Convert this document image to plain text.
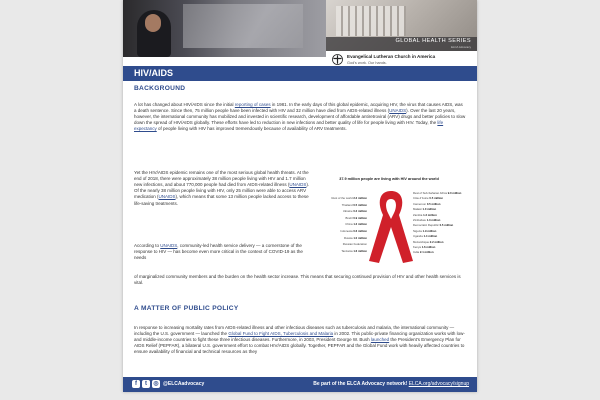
GLOBAL HEALTH SERIES
ELCA Advocacy
Evangelical Lutheran Church in America
God's work. Our hands.
HIV/AIDS
BACKGROUND

A lot has changed about HIV/AIDS since the initial reporting of cases in 1981. In the early days of this global epidemic, acquiring HIV, the virus that causes AIDS, was a death sentence. Since then, 75 million people have been infected with HIV and 32 million have died from AIDS-related illness (UNAIDS). Over the last 20 years, however, the international community has mobilized and invested in scientific research, development of affordable antiretroviral (ARV) drugs and better policies to slow down the spread of HIV/AIDS globally. These efforts have led to reduction in new infections and better quality of life for people living with HIV. Today, the life expectancy of people living with HIV has improved tremendously because of availability of ARV treatments.

Yet the HIV/AIDS epidemic remains one of the most serious global health threats. At the end of 2018, there were approximately 38 million people living with HIV and 1.7 million new infections, and about 770,000 people had died from AIDS-related illness (UNAIDS). Of the nearly 38 million people living with HIV, only 25 million were able to access ARV medication (UNAIDS), which means that some 13 million people lacked access to these life-saving treatments.

37.9 million people are living with HIV around the world
Rest of the world 2.2 million
Thailand 0.5 million
Ukraine 0.2 million
Brazil 0.9 million
China 1.2 million
Indonesia 0.6 million
Russia 1.0 million
Russian Federation
Tanzania 1.6 million
Rest of Sub-Saharan Africa 9.0 million
Côte d'Ivoire 0.5 million
Cameroon 0.5 million
Malawi 1.0 million
Zambia 1.2 million
Zimbabwe 1.3 million
Democratic Republic 0.5 million
Nigeria 1.9 million
Uganda 1.4 million
Mozambique 2.2 million
Kenya 1.6 million
India 2.1 million

According to UNAIDS, community-led health service delivery — a cornerstone of the response to HIV — has become even more critical in the context of COVID-19 as the needs

of marginalized community members and the burden on the health sector increase. This means that securing continued provision of HIV and other health services is vital.

A MATTER OF PUBLIC POLICY

In response to increasing mortality rates from AIDS-related illness and other infectious diseases such as tuberculosis and malaria, the international community — including the U.S. government — launched the Global Fund to Fight AIDS, Tuberculosis and Malaria in 2002. This public-private financing organization works with low- and middle-income countries to fight these three infectious diseases. Furthermore, in 2003, President George W. Bush launched the President's Emergency Plan for AIDS Relief (PEPFAR), a bilateral U.S. government effort to combat HIV/AIDS globally. Together, PEPFAR and the Global Fund work with heavily affected countries to ensure availability of financial and technical resources as they

f	t	◎ @ELCAadvocacy	Be part of the ELCA Advocacy network! ELCA.org/advocacy/signup
